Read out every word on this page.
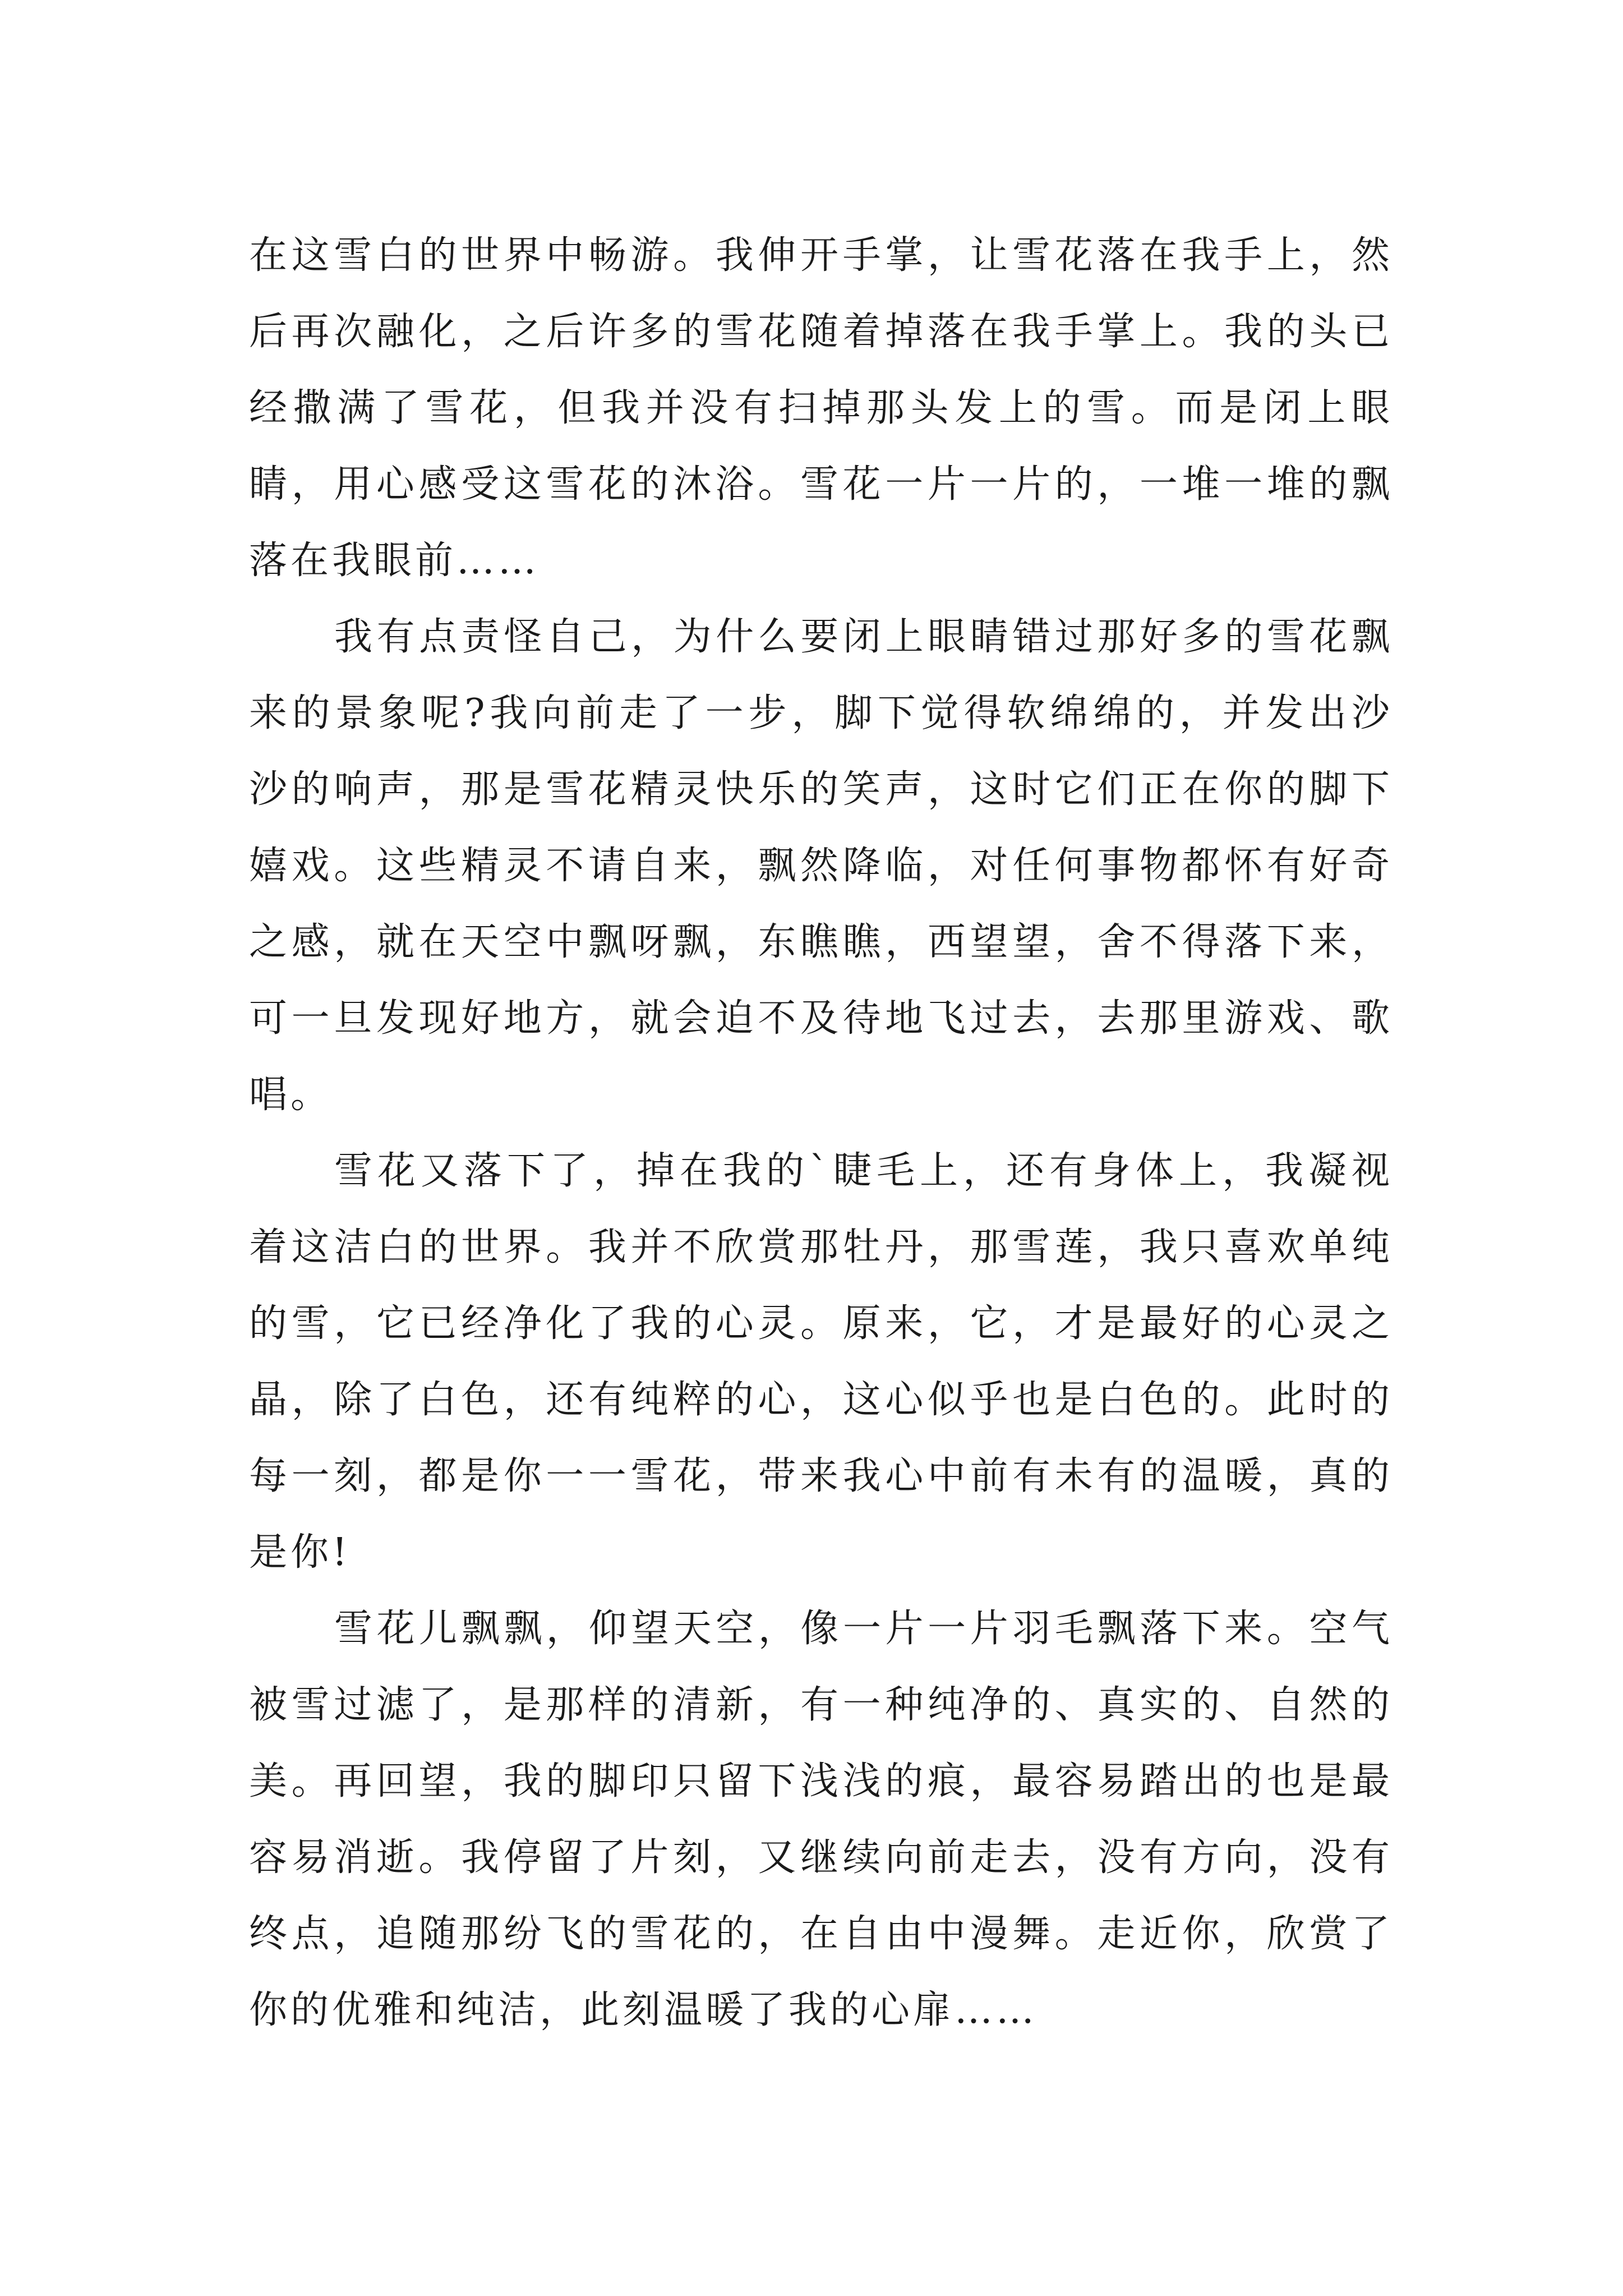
在这雪白的世界中畅游。我伸开手掌，让雪花落在我手上，然后再次融化，之后许多的雪花随着掉落在我手掌上。我的头已经撒满了雪花，但我并没有扫掉那头发上的雪。而是闭上眼睛，用心感受这雪花的沐浴。雪花一片一片的，一堆一堆的飘落在我眼前……

我有点责怪自己，为什么要闭上眼睛错过那好多的雪花飘来的景象呢?我向前走了一步，脚下觉得软绵绵的，并发出沙沙的响声，那是雪花精灵快乐的笑声，这时它们正在你的脚下嬉戏。这些精灵不请自来，飘然降临，对任何事物都怀有好奇之感，就在天空中飘呀飘，东瞧瞧，西望望，舍不得落下来，可一旦发现好地方，就会迫不及待地飞过去，去那里游戏、歌唱。

雪花又落下了，掉在我的`睫毛上，还有身体上，我凝视着这洁白的世界。我并不欣赏那牡丹，那雪莲，我只喜欢单纯的雪，它已经净化了我的心灵。原来，它，才是最好的心灵之晶，除了白色，还有纯粹的心，这心似乎也是白色的。此时的每一刻，都是你一一雪花，带来我心中前有未有的温暖，真的是你!

雪花儿飘飘，仰望天空，像一片一片羽毛飘落下来。空气被雪过滤了，是那样的清新，有一种纯净的、真实的、自然的美。再回望，我的脚印只留下浅浅的痕，最容易踏出的也是最容易消逝。我停留了片刻，又继续向前走去，没有方向，没有终点，追随那纷飞的雪花的，在自由中漫舞。走近你，欣赏了你的优雅和纯洁，此刻温暖了我的心扉……
